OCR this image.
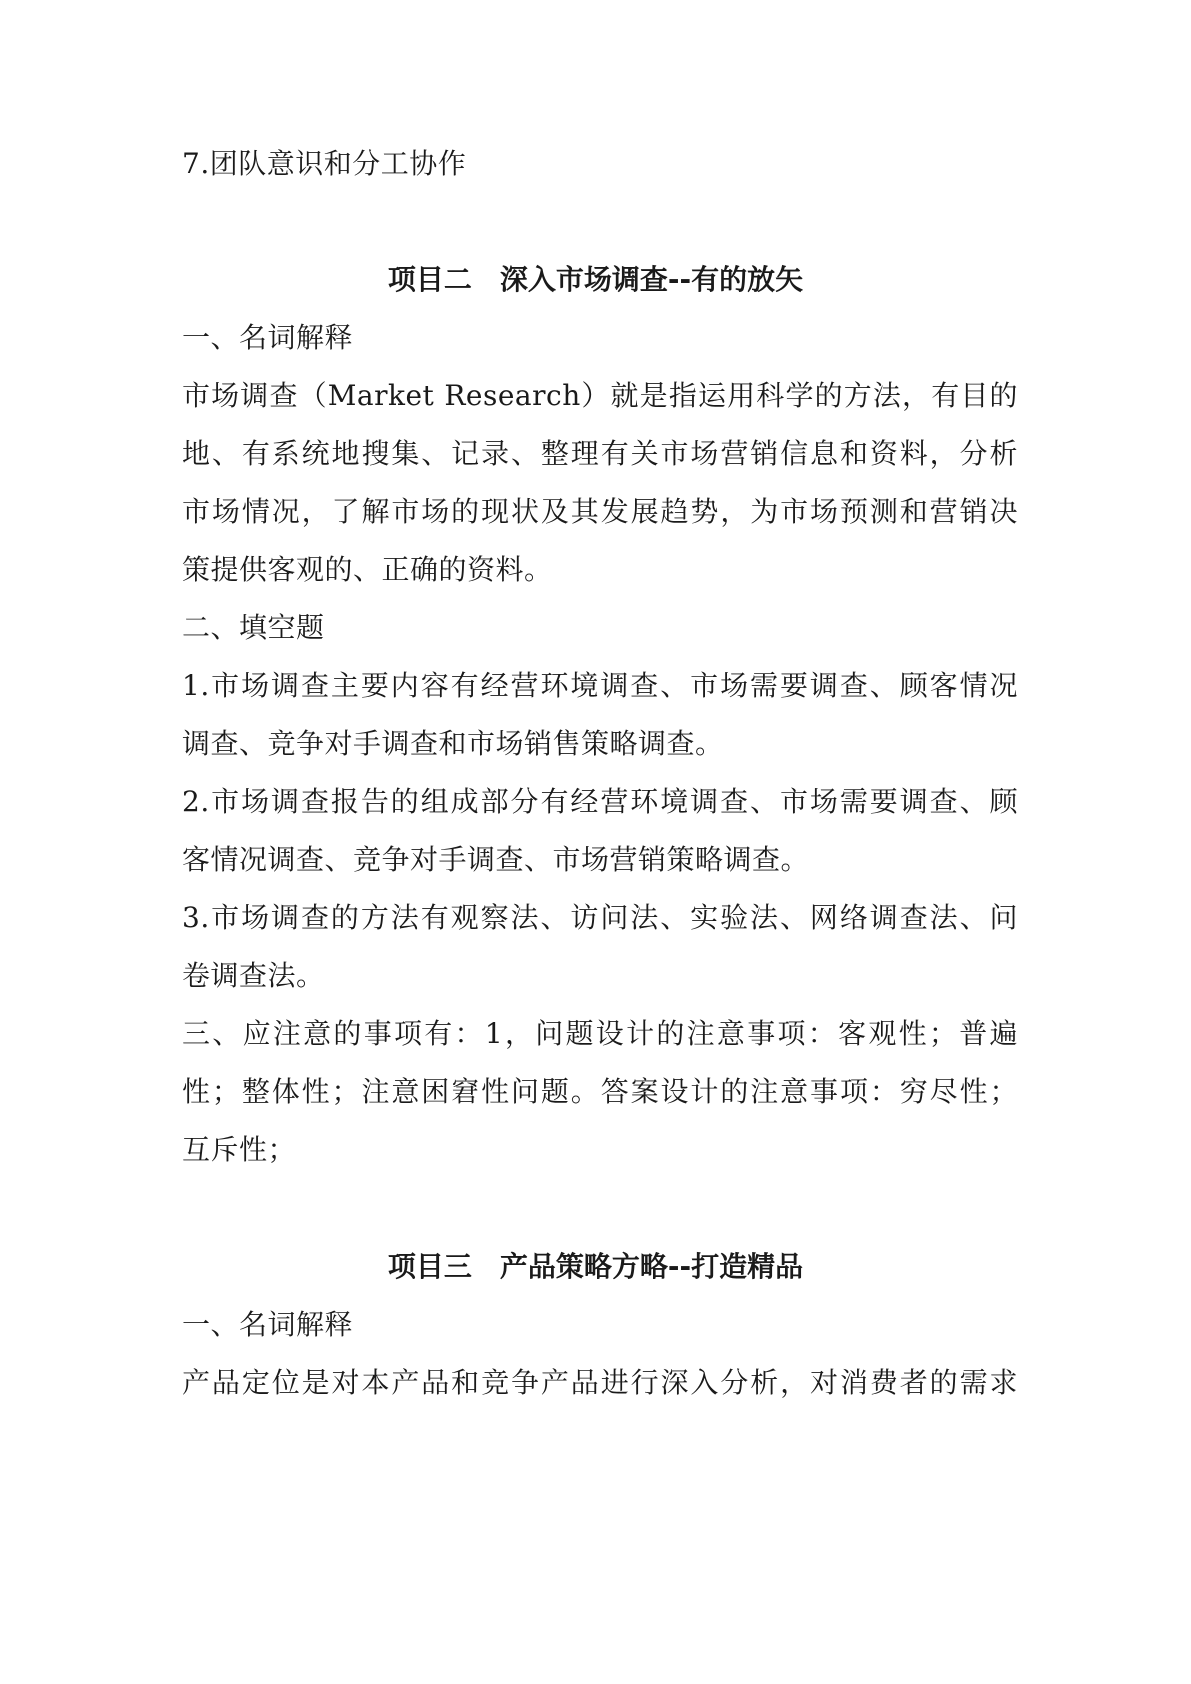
7.团队意识和分工协作
项目二　深入市场调查--有的放矢
一、名词解释
市场调查（Market Research）就是指运用科学的方法，有目的
地、有系统地搜集、记录、整理有关市场营销信息和资料，分析
市场情况，了解市场的现状及其发展趋势，为市场预测和营销决
策提供客观的、正确的资料。
二、填空题
1.市场调查主要内容有经营环境调查、市场需要调查、顾客情况
调查、竞争对手调查和市场销售策略调查。
2.市场调查报告的组成部分有经营环境调查、市场需要调查、顾
客情况调查、竞争对手调查、市场营销策略调查。
3.市场调查的方法有观察法、访问法、实验法、网络调查法、问
卷调查法。
三、应注意的事项有：1，问题设计的注意事项：客观性；普遍
性；整体性；注意困窘性问题。答案设计的注意事项：穷尽性；
互斥性；
项目三　产品策略方略--打造精品
一、名词解释
产品定位是对本产品和竞争产品进行深入分析，对消费者的需求
